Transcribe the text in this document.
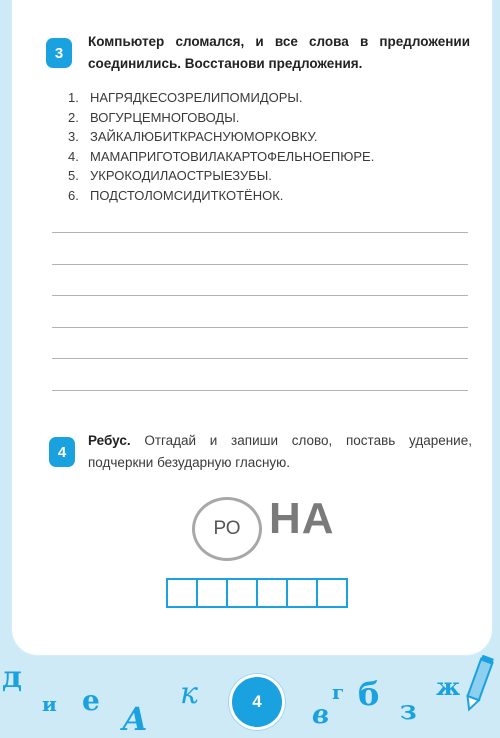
3
Компьютер сломался, и все слова в предложении соединились. Восстанови предложения.
1. НАГРЯДКЕСОЗРЕЛИПОМИДОРЫ.
2. ВОГУРЦЕМНОГОВОДЫ.
3. ЗАЙКАЛЮБИТКРАСНУЮМОРКОВКУ.
4. МАМАПРИГОТОВИЛАКАРТОФЕЛЬНОЕПЮРЕ.
5. УКРОКОДИЛАОСТРЫЕЗУБЫ.
6. ПОДСТОЛОМСИДИТКОТЁНОК.
4
Ребус. Отгадай и запиши слово, поставь ударение, подчеркни безударную гласную.
РО НА
д
и е А
к
в
г б з
ж
4
